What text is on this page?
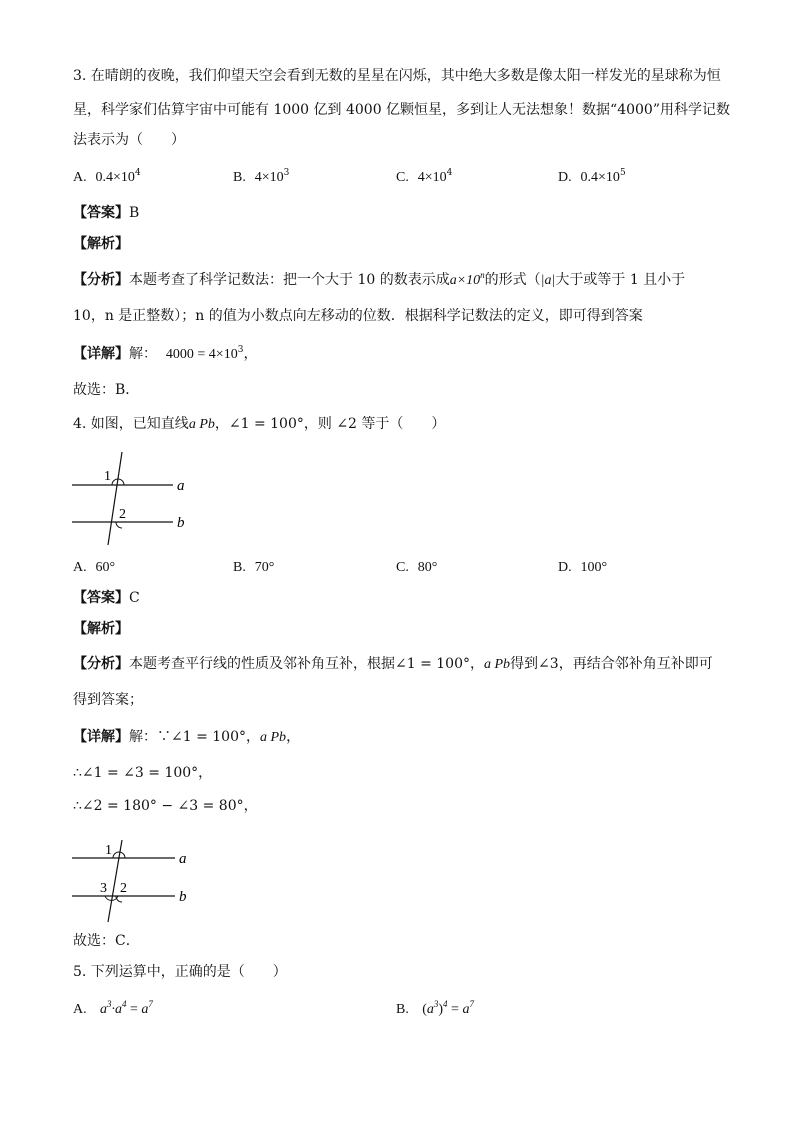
3. 在晴朗的夜晚，我们仰望天空会看到无数的星星在闪烁，其中绝大多数是像太阳一样发光的星球称为恒
星，科学家们估算宇宙中可能有 1000 亿到 4000 亿颗恒星，多到让人无法想象！数据“4000”用科学记数
法表示为（　　）
A. $0.4\times 10^4$	B. $4\times 10^3$	C. $4\times 10^4$	D. $0.4\times 10^5$
【答案】B
【解析】
【分析】本题考查了科学记数法：把一个大于 10 的数表示成$a\times 10^n$的形式（|a|大于或等于 1 且小于
10，n 是正整数）；n 的值为小数点向左移动的位数．根据科学记数法的定义，即可得到答案
【详解】解： $4000 = 4\times 10^3$，
故选：B．
4. 如图，已知直线a Pb，∠1 = 100°，则 ∠2 等于（　　）
1
2
a
b
A. 60°	B. 70°	C. 80°	D. 100°
【答案】C
【解析】
【分析】本题考查平行线的性质及邻补角互补，根据∠1 = 100°，a Pb得到∠3，再结合邻补角互补即可
得到答案；
【详解】解：∵∠1 = 100°，a Pb，
∴∠1 = ∠3 = 100°，
∴∠2 = 180° − ∠3 = 80°，
1
2
3
a
b
故选：C．
5. 下列运算中，正确的是（　　）
A. $a^3\cdot a^4 = a^7$	B. $(a^3)^4 = a^7$
